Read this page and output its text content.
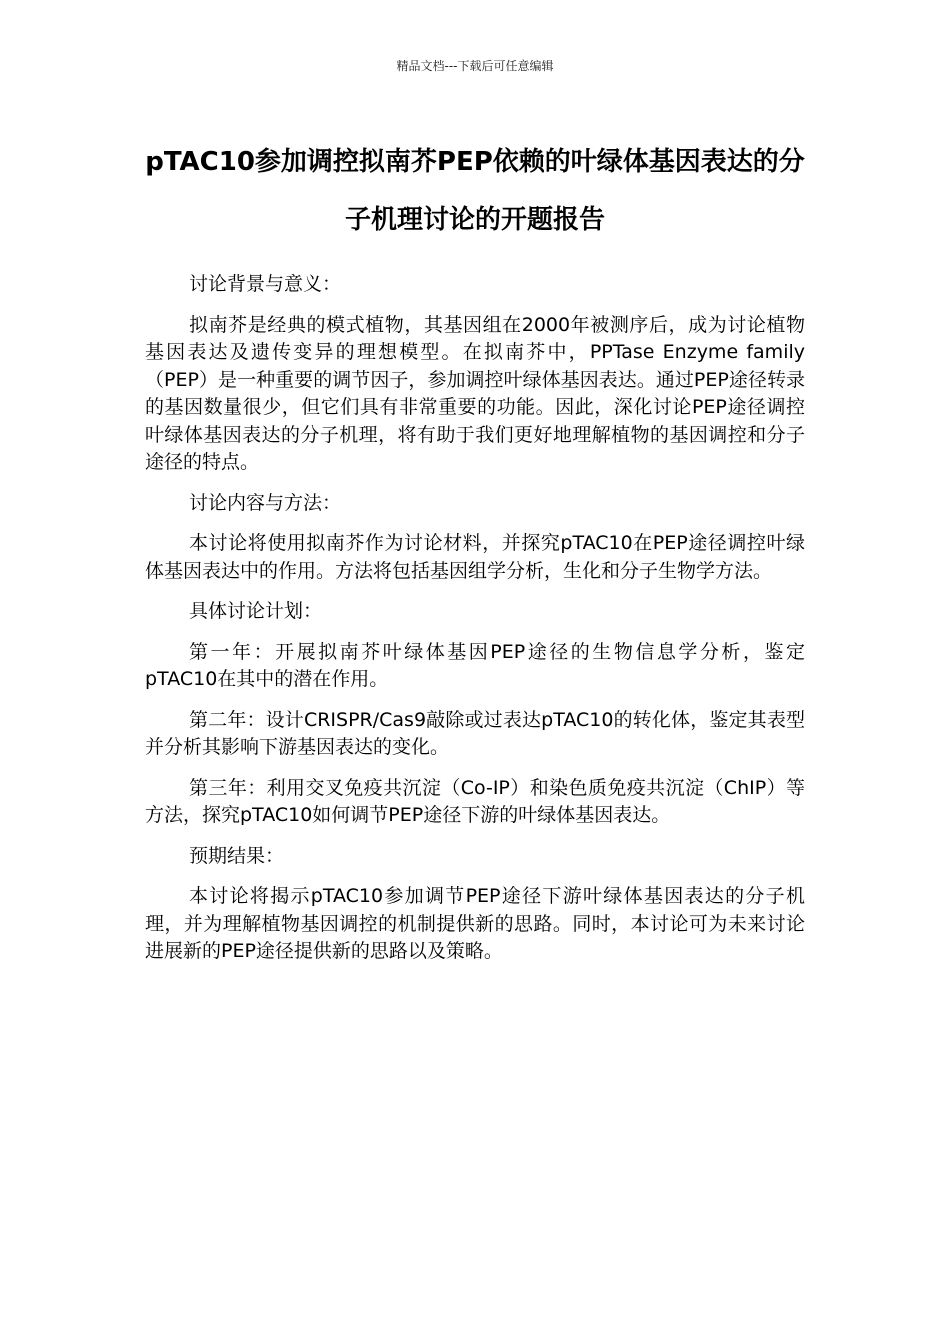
精品文档---下载后可任意编辑
pTAC10参加调控拟南芥PEP依赖的叶绿体基因表达的分子机理讨论的开题报告

讨论背景与意义：

拟南芥是经典的模式植物，其基因组在2000年被测序后，成为讨论植物基因表达及遗传变异的理想模型。在拟南芥中，PPTase Enzyme family（PEP）是一种重要的调节因子，参加调控叶绿体基因表达。通过PEP途径转录的基因数量很少，但它们具有非常重要的功能。因此，深化讨论PEP途径调控叶绿体基因表达的分子机理，将有助于我们更好地理解植物的基因调控和分子途径的特点。

讨论内容与方法：

本讨论将使用拟南芥作为讨论材料，并探究pTAC10在PEP途径调控叶绿体基因表达中的作用。方法将包括基因组学分析，生化和分子生物学方法。

具体讨论计划：

第一年：开展拟南芥叶绿体基因PEP途径的生物信息学分析，鉴定pTAC10在其中的潜在作用。

第二年：设计CRISPR/Cas9敲除或过表达pTAC10的转化体，鉴定其表型并分析其影响下游基因表达的变化。

第三年：利用交叉免疫共沉淀（Co-IP）和染色质免疫共沉淀（ChIP）等方法，探究pTAC10如何调节PEP途径下游的叶绿体基因表达。

预期结果：

本讨论将揭示pTAC10参加调节PEP途径下游叶绿体基因表达的分子机理，并为理解植物基因调控的机制提供新的思路。同时，本讨论可为未来讨论进展新的PEP途径提供新的思路以及策略。
